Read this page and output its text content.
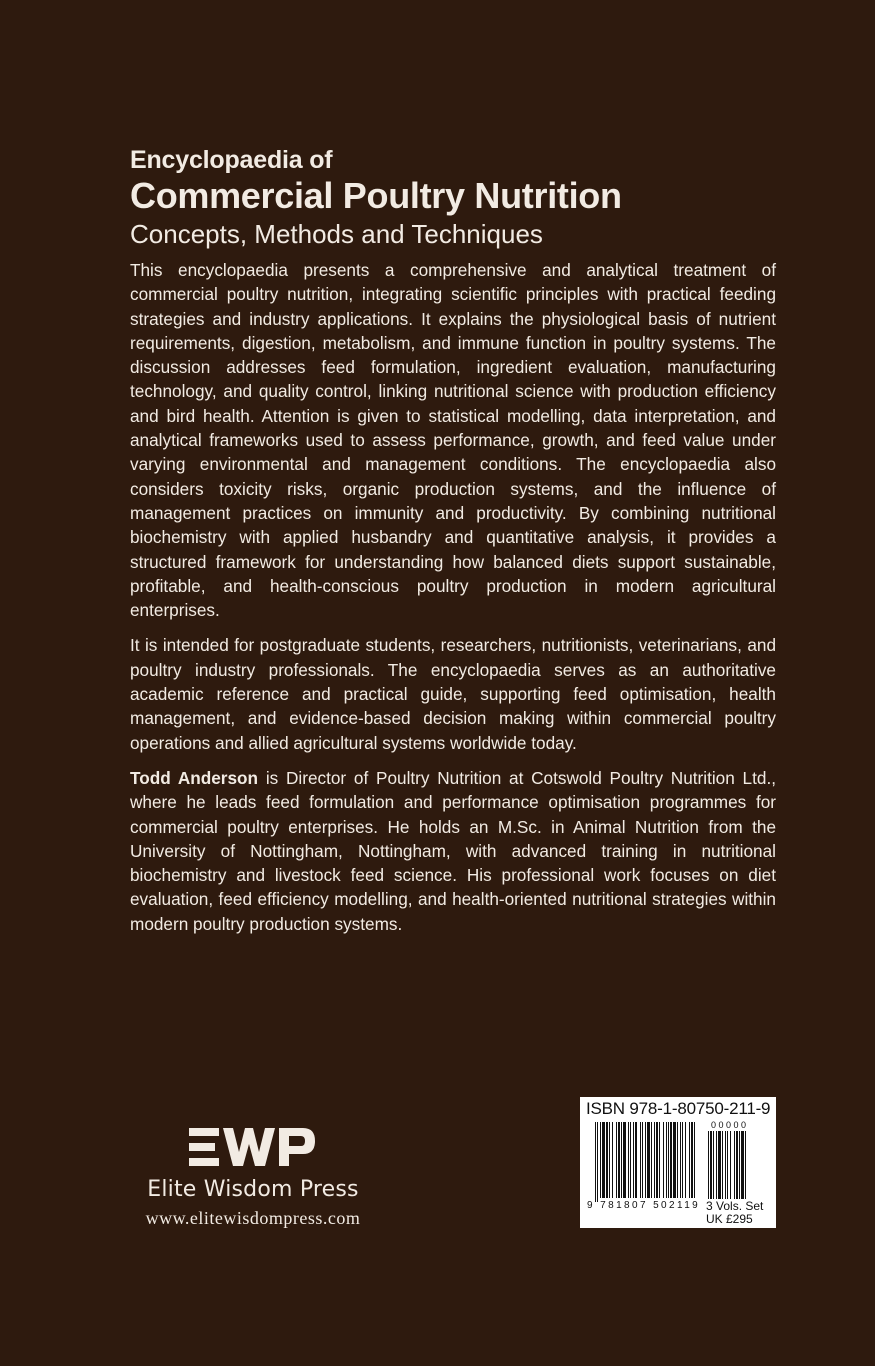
Encyclopaedia of
Commercial Poultry Nutrition
Concepts, Methods and Techniques

This encyclopaedia presents a comprehensive and analytical treatment of commercial poultry nutrition, integrating scientific principles with practical feeding strategies and industry applications. It explains the physiological basis of nutrient requirements, digestion, metabolism, and immune function in poultry systems. The discussion addresses feed formulation, ingredient evaluation, manufacturing technology, and quality control, linking nutritional science with production efficiency and bird health. Attention is given to statistical modelling, data interpretation, and analytical frameworks used to assess performance, growth, and feed value under varying environmental and management conditions. The encyclopaedia also considers toxicity risks, organic production systems, and the influence of management practices on immunity and productivity. By combining nutritional biochemistry with applied husbandry and quantitative analysis, it provides a structured framework for understanding how balanced diets support sustainable, profitable, and health-conscious poultry production in modern agricultural enterprises.

It is intended for postgraduate students, researchers, nutritionists, veterinarians, and poultry industry professionals. The encyclopaedia serves as an authoritative academic reference and practical guide, supporting feed optimisation, health management, and evidence-based decision making within commercial poultry operations and allied agricultural systems worldwide today.

Todd Anderson is Director of Poultry Nutrition at Cotswold Poultry Nutrition Ltd., where he leads feed formulation and performance optimisation programmes for commercial poultry enterprises. He holds an M.Sc. in Animal Nutrition from the University of Nottingham, Nottingham, with advanced training in nutritional biochemistry and livestock feed science. His professional work focuses on diet evaluation, feed efficiency modelling, and health-oriented nutritional strategies within modern poultry production systems.

Elite Wisdom Press
www.elitewisdompress.com
ISBN 978-1-80750-211-9
00000
9 781807 502119 3 Vols. Set
UK £295
